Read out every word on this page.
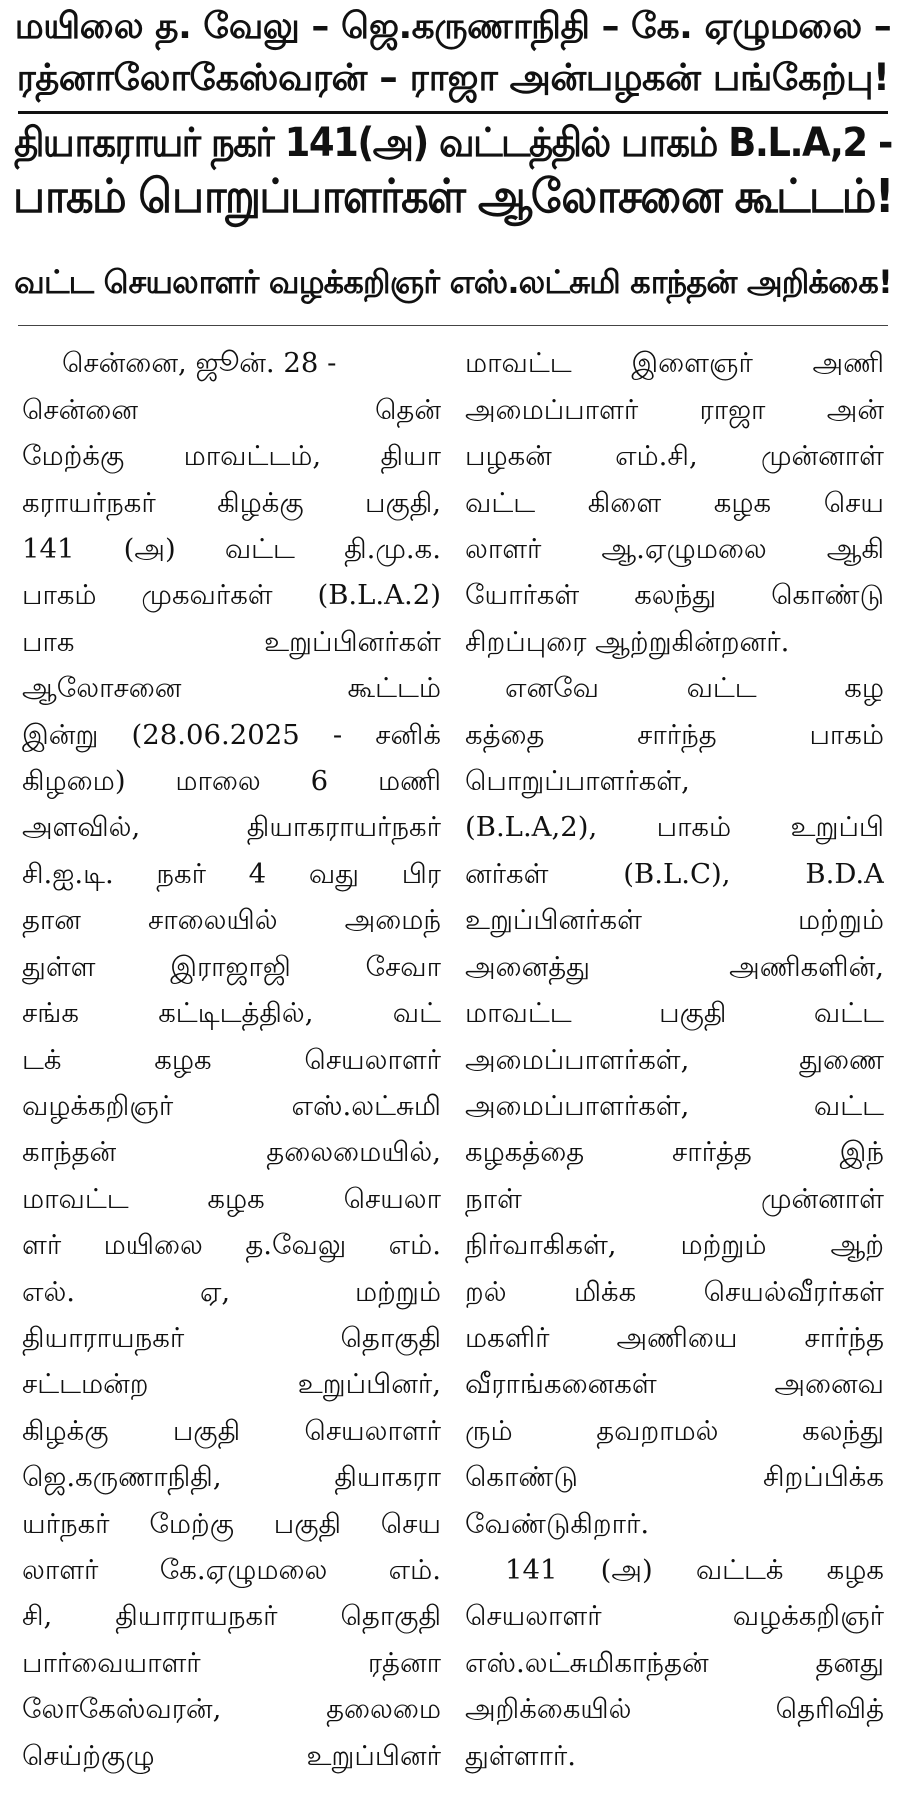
மயிலை த. வேலு – ஜெ.கருணாநிதி – கே. ஏழுமலை –
ரத்னாலோகேஸ்வரன் – ராஜா அன்பழகன் பங்கேற்பு!
தியாகராயர் நகர் 141(அ) வட்டத்தில் பாகம் B.L.A,2 -
பாகம் பொறுப்பாளர்கள் ஆலோசனை கூட்டம்!
வட்ட செயலாளர் வழக்கறிஞர் எஸ்.லட்சுமி காந்தன் அறிக்கை!
சென்னை, ஜூன். 28 -
சென்னை தென்
மேற்க்கு மாவட்டம், தியா
கராயர்நகர் கிழக்கு பகுதி,
141 (அ) வட்ட தி.மு.க.
பாகம் முகவர்கள் (B.L.A.2)
பாக உறுப்பினர்கள்
ஆலோசனை கூட்டம்
இன்று (28.06.2025 - சனிக்
கிழமை) மாலை 6 மணி
அளவில், தியாகராயர்நகர்
சி.ஐ.டி. நகர் 4 வது பிர
தான சாலையில் அமைந்
துள்ள இராஜாஜி சேவா
சங்க கட்டிடத்தில், வட்
டக் கழக செயலாளர்
வழக்கறிஞர் எஸ்.லட்சுமி
காந்தன் தலைமையில்,
மாவட்ட கழக செயலா
ளர் மயிலை த.வேலு எம்.
எல். ஏ, மற்றும்
தியாராயநகர் தொகுதி
சட்டமன்ற உறுப்பினர்,
கிழக்கு பகுதி செயலாளர்
ஜெ.கருணாநிதி, தியாகரா
யர்நகர் மேற்கு பகுதி செய
லாளர் கே.ஏழுமலை எம்.
சி, தியாராயநகர் தொகுதி
பார்வையாளர் ரத்னா
லோகேஸ்வரன், தலைமை
செய்ற்குழு உறுப்பினர்
மாவட்ட இளைஞர் அணி
அமைப்பாளர் ராஜா அன்
பழகன் எம்.சி, முன்னாள்
வட்ட கிளை கழக செய
லாளர் ஆ.ஏழுமலை ஆகி
யோர்கள் கலந்து கொண்டு
சிறப்புரை ஆற்றுகின்றனர்.
எனவே வட்ட கழ
கத்தை சார்ந்த பாகம்
பொறுப்பாளர்கள்,
(B.L.A,2), பாகம் உறுப்பி
னர்கள் (B.L.C), B.D.A
உறுப்பினர்கள் மற்றும்
அனைத்து அணிகளின்,
மாவட்ட பகுதி வட்ட
அமைப்பாளர்கள், துணை
அமைப்பாளர்கள், வட்ட
கழகத்தை சார்த்த இந்
நாள் முன்னாள்
நிர்வாகிகள், மற்றும் ஆற்
றல் மிக்க செயல்வீரர்கள்
மகளிர் அணியை சார்ந்த
வீராங்கனைகள் அனைவ
ரும் தவறாமல் கலந்து
கொண்டு சிறப்பிக்க
வேண்டுகிறார்.
141 (அ) வட்டக் கழக
செயலாளர் வழக்கறிஞர்
எஸ்.லட்சுமிகாந்தன் தனது
அறிக்கையில் தெரிவித்
துள்ளார்.
